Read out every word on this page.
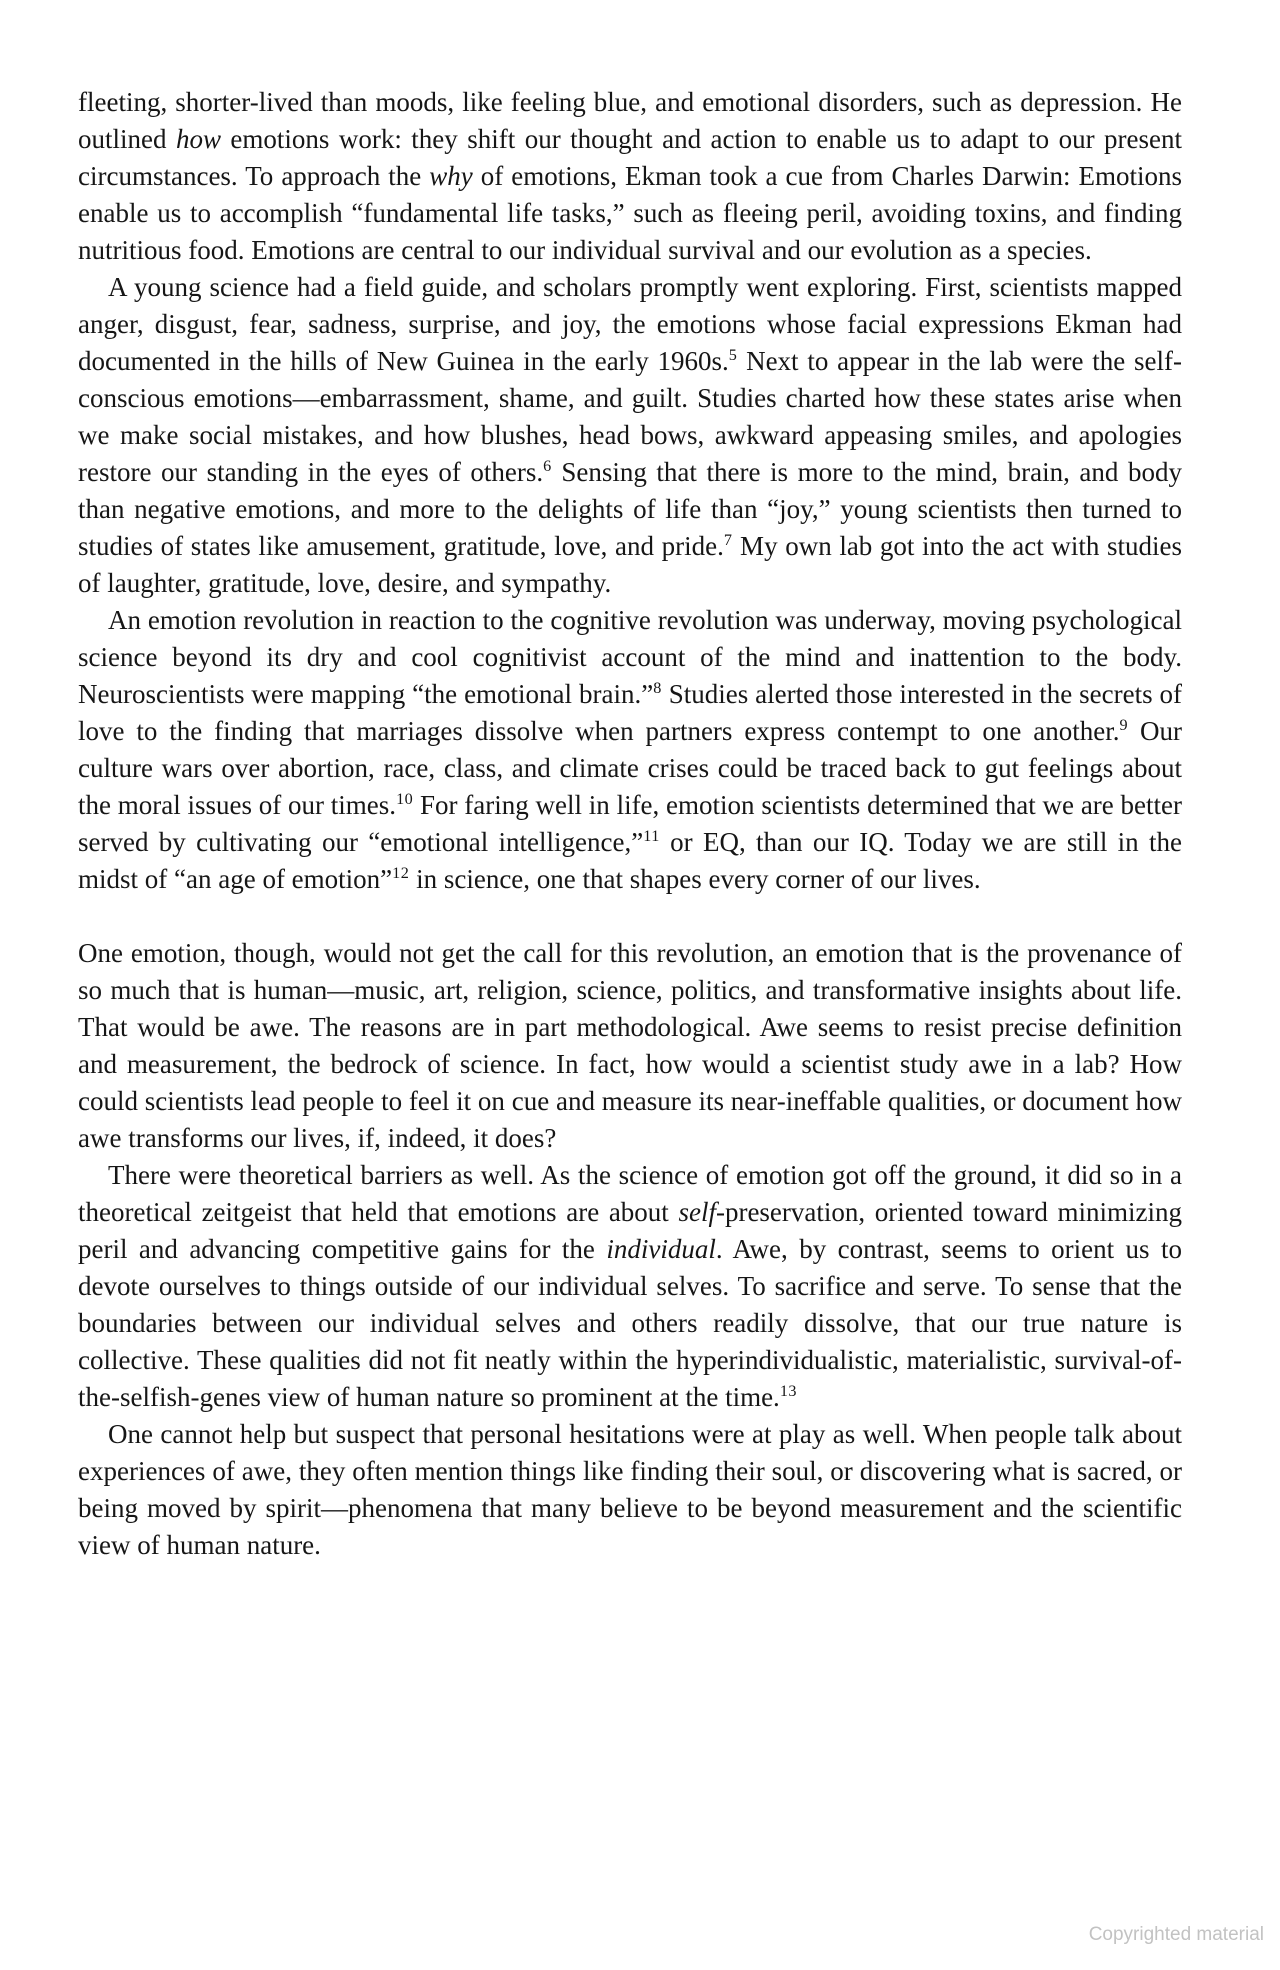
fleeting, shorter-lived than moods, like feeling blue, and emotional disorders, such as depression. He outlined how emotions work: they shift our thought and action to enable us to adapt to our present circumstances. To approach the why of emotions, Ekman took a cue from Charles Darwin: Emotions enable us to accomplish “fundamental life tasks,” such as fleeing peril, avoiding toxins, and finding nutritious food. Emotions are central to our individual survival and our evolution as a species.

A young science had a field guide, and scholars promptly went exploring. First, scientists mapped anger, disgust, fear, sadness, surprise, and joy, the emotions whose facial expressions Ekman had documented in the hills of New Guinea in the early 1960s.$^5$ Next to appear in the lab were the self-conscious emotions—embarrassment, shame, and guilt. Studies charted how these states arise when we make social mistakes, and how blushes, head bows, awkward appeasing smiles, and apologies restore our standing in the eyes of others.$^6$ Sensing that there is more to the mind, brain, and body than negative emotions, and more to the delights of life than “joy,” young scientists then turned to studies of states like amusement, gratitude, love, and pride.$^7$ My own lab got into the act with studies of laughter, gratitude, love, desire, and sympathy.

An emotion revolution in reaction to the cognitive revolution was underway, moving psychological science beyond its dry and cool cognitivist account of the mind and inattention to the body. Neuroscientists were mapping “the emotional brain.”$^8$ Studies alerted those interested in the secrets of love to the finding that marriages dissolve when partners express contempt to one another.$^9$ Our culture wars over abortion, race, class, and climate crises could be traced back to gut feelings about the moral issues of our times.$^{10}$ For faring well in life, emotion scientists determined that we are better served by cultivating our “emotional intelligence,”$^{11}$ or EQ, than our IQ. Today we are still in the midst of “an age of emotion”$^{12}$ in science, one that shapes every corner of our lives.

One emotion, though, would not get the call for this revolution, an emotion that is the provenance of so much that is human—music, art, religion, science, politics, and transformative insights about life. That would be awe. The reasons are in part methodological. Awe seems to resist precise definition and measurement, the bedrock of science. In fact, how would a scientist study awe in a lab? How could scientists lead people to feel it on cue and measure its near-ineffable qualities, or document how awe transforms our lives, if, indeed, it does?

There were theoretical barriers as well. As the science of emotion got off the ground, it did so in a theoretical zeitgeist that held that emotions are about self-preservation, oriented toward minimizing peril and advancing competitive gains for the individual. Awe, by contrast, seems to orient us to devote ourselves to things outside of our individual selves. To sacrifice and serve. To sense that the boundaries between our individual selves and others readily dissolve, that our true nature is collective. These qualities did not fit neatly within the hyperindividualistic, materialistic, survival-of-the-selfish-genes view of human nature so prominent at the time.$^{13}$

One cannot help but suspect that personal hesitations were at play as well. When people talk about experiences of awe, they often mention things like finding their soul, or discovering what is sacred, or being moved by spirit—phenomena that many believe to be beyond measurement and the scientific view of human nature.

Copyrighted material
